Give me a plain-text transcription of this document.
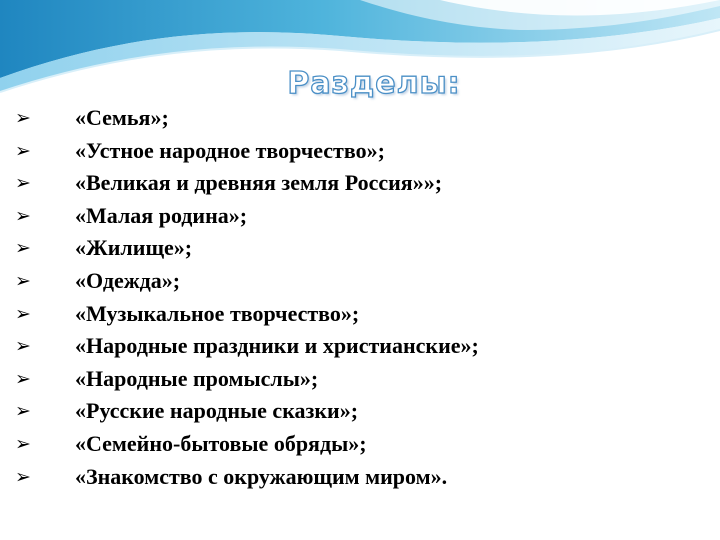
Разделы:
➢ «Семья»;
➢ «Устное народное творчество»;
➢ «Великая и древняя земля Россия»»;
➢ «Малая родина»;
➢ «Жилище»;
➢ «Одежда»;
➢ «Музыкальное творчество»;
➢ «Народные праздники и христианские»;
➢ «Народные промыслы»;
➢ «Русские народные сказки»;
➢ «Семейно-бытовые обряды»;
➢ «Знакомство с окружающим миром».
